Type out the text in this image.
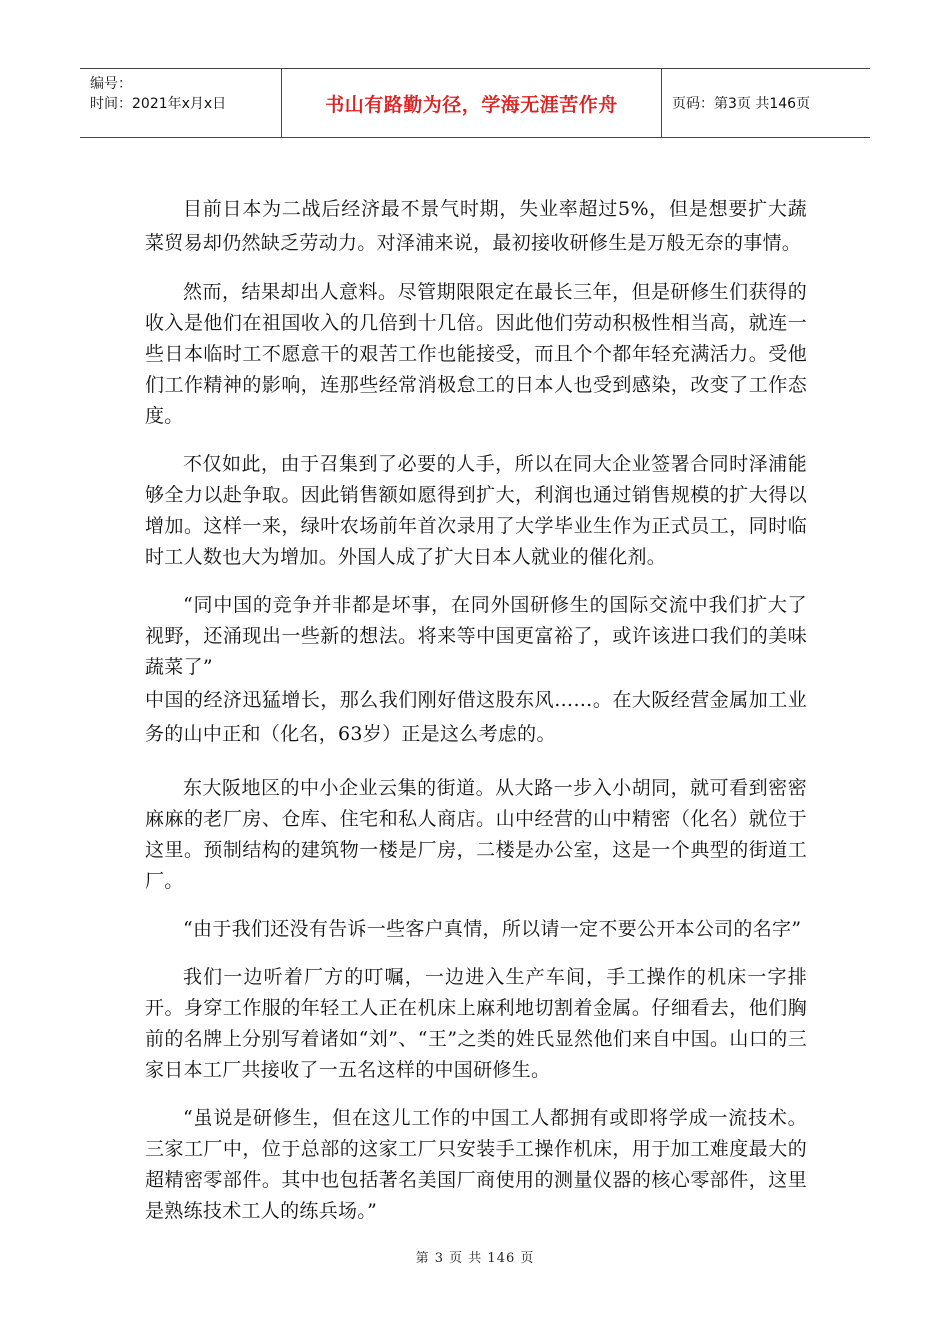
编号：
时间：2021年x月x日	书山有路勤为径，学海无涯苦作舟	页码：第3页 共146页

目前日本为二战后经济最不景气时期，失业率超过5%，但是想要扩大蔬菜贸易却仍然缺乏劳动力。对泽浦来说，最初接收研修生是万般无奈的事情。

然而，结果却出人意料。尽管期限限定在最长三年，但是研修生们获得的收入是他们在祖国收入的几倍到十几倍。因此他们劳动积极性相当高，就连一些日本临时工不愿意干的艰苦工作也能接受，而且个个都年轻充满活力。受他们工作精神的影响，连那些经常消极怠工的日本人也受到感染，改变了工作态度。

不仅如此，由于召集到了必要的人手，所以在同大企业签署合同时泽浦能够全力以赴争取。因此销售额如愿得到扩大，利润也通过销售规模的扩大得以增加。这样一来，绿叶农场前年首次录用了大学毕业生作为正式员工，同时临时工人数也大为增加。外国人成了扩大日本人就业的催化剂。

“同中国的竞争并非都是坏事，在同外国研修生的国际交流中我们扩大了视野，还涌现出一些新的想法。将来等中国更富裕了，或许该进口我们的美味蔬菜了”

中国的经济迅猛增长，那么我们刚好借这股东风……。在大阪经营金属加工业务的山中正和（化名，63岁）正是这么考虑的。

东大阪地区的中小企业云集的街道。从大路一步入小胡同，就可看到密密麻麻的老厂房、仓库、住宅和私人商店。山中经营的山中精密（化名）就位于这里。预制结构的建筑物一楼是厂房，二楼是办公室，这是一个典型的街道工厂。

“由于我们还没有告诉一些客户真情，所以请一定不要公开本公司的名字”

我们一边听着厂方的叮嘱，一边进入生产车间，手工操作的机床一字排开。身穿工作服的年轻工人正在机床上麻利地切割着金属。仔细看去，他们胸前的名牌上分别写着诸如“刘”、“王”之类的姓氏显然他们来自中国。山口的三家日本工厂共接收了一五名这样的中国研修生。

“虽说是研修生，但在这儿工作的中国工人都拥有或即将学成一流技术。三家工厂中，位于总部的这家工厂只安装手工操作机床，用于加工难度最大的超精密零部件。其中也包括著名美国厂商使用的测量仪器的核心零部件，这里是熟练技术工人的练兵场。”

第 3 页 共 146 页
